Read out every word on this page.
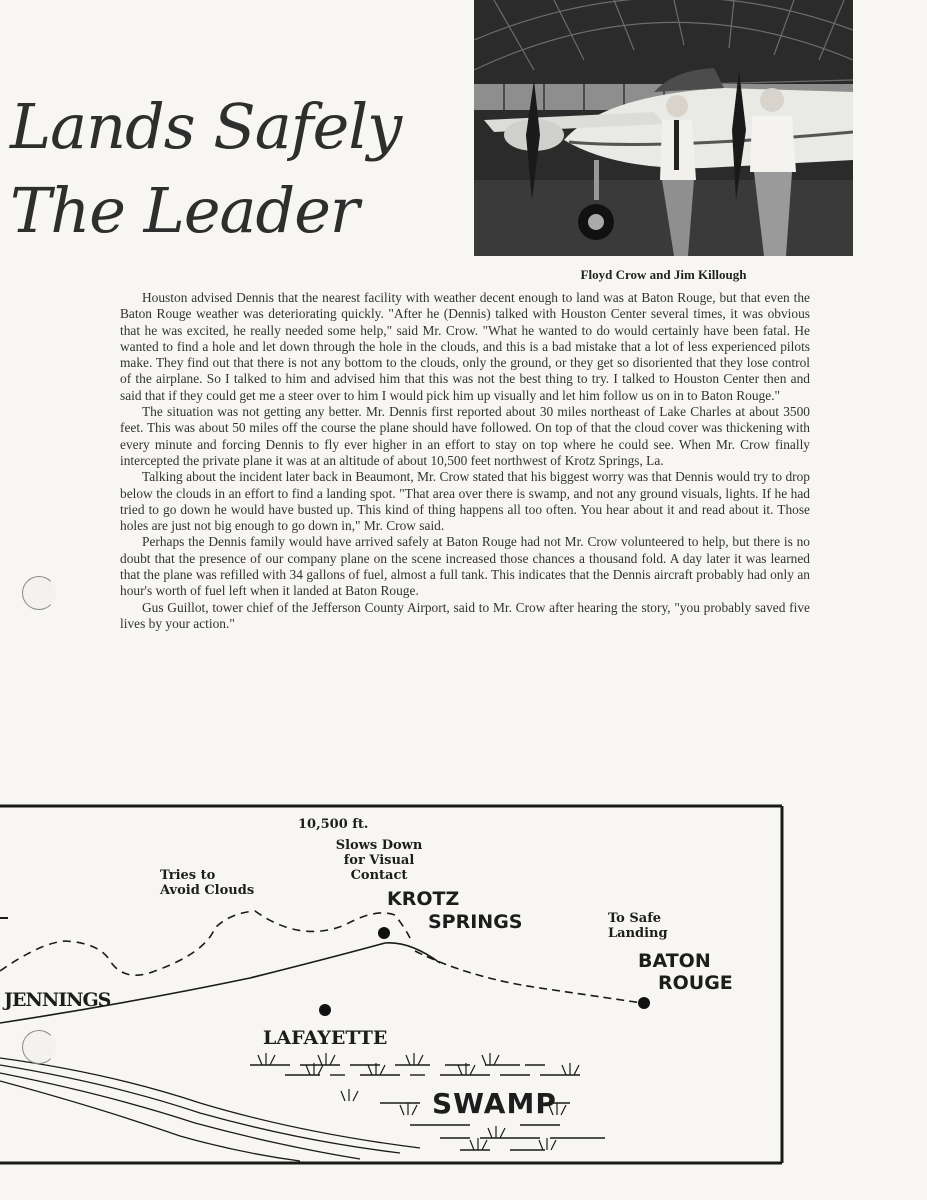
Lands Safely
The Leader
Floyd Crow and Jim Killough

Houston advised Dennis that the nearest facility with weather decent enough to land was at Baton Rouge, but that even the Baton Rouge weather was deteriorating quickly. "After he (Dennis) talked with Houston Center several times, it was obvious that he was excited, he really needed some help," said Mr. Crow. "What he wanted to do would certainly have been fatal. He wanted to find a hole and let down through the hole in the clouds, and this is a bad mistake that a lot of less experienced pilots make. They find out that there is not any bottom to the clouds, only the ground, or they get so disoriented that they lose control of the airplane. So I talked to him and advised him that this was not the best thing to try. I talked to Houston Center then and said that if they could get me a steer over to him I would pick him up visually and let him follow us on in to Baton Rouge."

The situation was not getting any better. Mr. Dennis first reported about 30 miles northeast of Lake Charles at about 3500 feet. This was about 50 miles off the course the plane should have followed. On top of that the cloud cover was thickening with every minute and forcing Dennis to fly ever higher in an effort to stay on top where he could see. When Mr. Crow finally intercepted the private plane it was at an altitude of about 10,500 feet northwest of Krotz Springs, La.

Talking about the incident later back in Beaumont, Mr. Crow stated that his biggest worry was that Dennis would try to drop below the clouds in an effort to find a landing spot. "That area over there is swamp, and not any ground visuals, lights. If he had tried to go down he would have busted up. This kind of thing happens all too often. You hear about it and read about it. Those holes are just not big enough to go down in," Mr. Crow said.

Perhaps the Dennis family would have arrived safely at Baton Rouge had not Mr. Crow volunteered to help, but there is no doubt that the presence of our company plane on the scene increased those chances a thousand fold. A day later it was learned that the plane was refilled with 34 gallons of fuel, almost a full tank. This indicates that the Dennis aircraft probably had only an hour's worth of fuel left when it landed at Baton Rouge.

Gus Guillot, tower chief of the Jefferson County Airport, said to Mr. Crow after hearing the story, "you probably saved five lives by your action."

10,500 ft.
Slows Down
for Visual
Contact
Tries to
Avoid Clouds	KROTZ
SPRINGS	To Safe
Landing
BATON
ROUGE
JENNINGS
LAFAYETTE
SWAMP
